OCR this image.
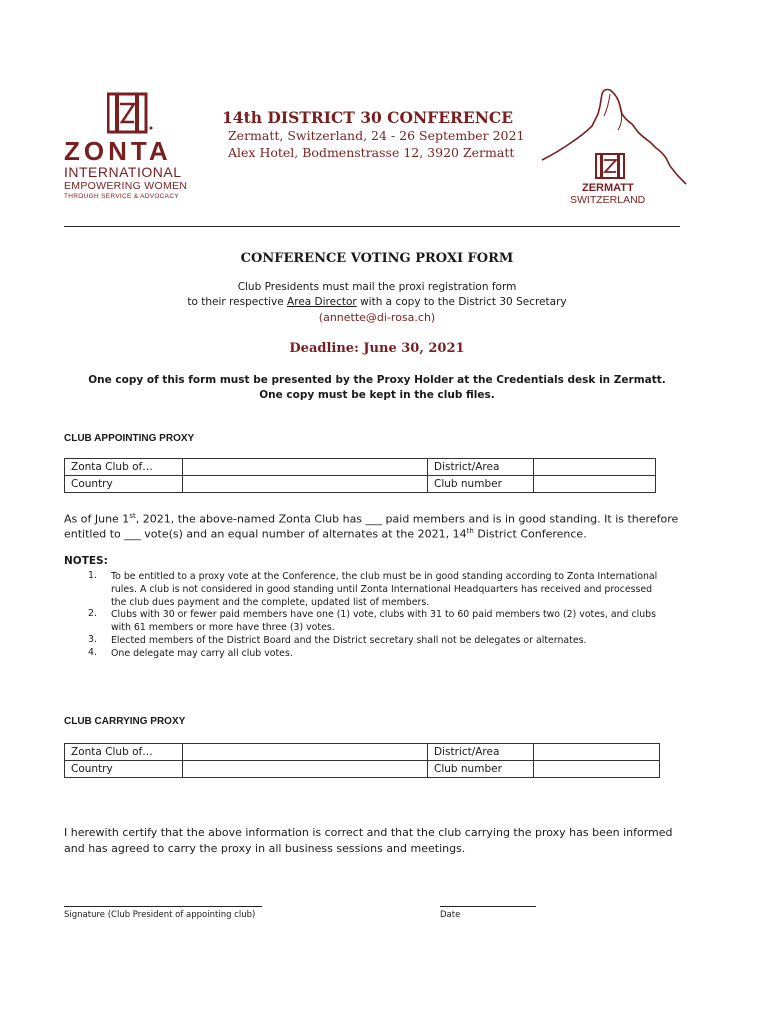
ZONTA
INTERNATIONAL
EMPOWERING WOMEN
THROUGH SERVICE & ADVOCACY
14th DISTRICT 30 CONFERENCE
Zermatt, Switzerland, 24 - 26 September 2021
Alex Hotel, Bodmenstrasse 12, 3920 Zermatt
ZERMATT
SWITZERLAND
CONFERENCE VOTING PROXI FORM
Club Presidents must mail the proxi registration form
to their respective Area Director with a copy to the District 30 Secretary
(annette@di-rosa.ch)
Deadline: June 30, 2021
One copy of this form must be presented by the Proxy Holder at the Credentials desk in Zermatt.
One copy must be kept in the club files.
CLUB APPOINTING PROXY
Zonta Club of…		District/Area	
Country		Club number	
As of June 1st, 2021, the above-named Zonta Club has ___ paid members and is in good standing. It is therefore
entitled to ___ vote(s) and an equal number of alternates at the 2021, 14th District Conference.
NOTES:
1. To be entitled to a proxy vote at the Conference, the club must be in good standing according to Zonta International
rules. A club is not considered in good standing until Zonta International Headquarters has received and processed
the club dues payment and the complete, updated list of members.
2. Clubs with 30 or fewer paid members have one (1) vote, clubs with 31 to 60 paid members two (2) votes, and clubs
with 61 members or more have three (3) votes.
3. Elected members of the District Board and the District secretary shall not be delegates or alternates.
4. One delegate may carry all club votes.
CLUB CARRYING PROXY
Zonta Club of…		District/Area	
Country		Club number	
I herewith certify that the above information is correct and that the club carrying the proxy has been informed
and has agreed to carry the proxy in all business sessions and meetings.
Signature (Club President of appointing club)	Date
